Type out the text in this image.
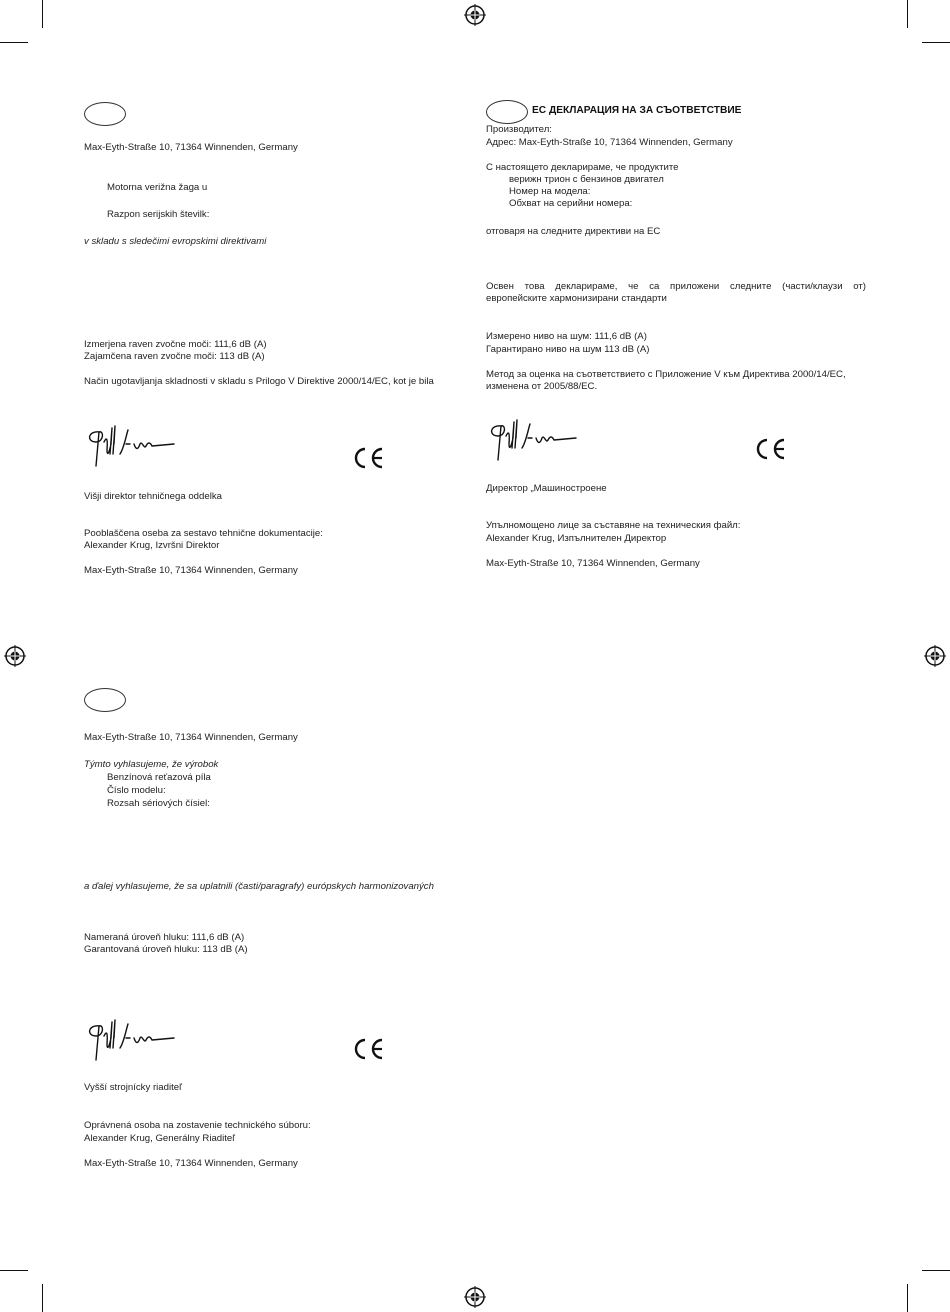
Max-Eyth-Straße 10, 71364 Winnenden, Germany
Motorna verižna žaga u
Razpon serijskih številk:
v skladu s sledečimi evropskimi direktivami
Izmerjena raven zvočne moči: 111,6 dB (A)
Zajamčena raven zvočne moči: 113 dB (A)
Način ugotavljanja skladnosti v skladu s Prilogo V Direktive 2000/14/EC, kot je bila
Višji direktor tehničnega oddelka
Pooblaščena oseba za sestavo tehnične dokumentacije:
Alexander Krug, Izvršni Direktor
Max-Eyth-Straße 10, 71364 Winnenden, Germany
ЕС ДЕКЛАРАЦИЯ НА ЗА СЪОТВЕТСТВИЕ
Производител:
Адрес: Max-Eyth-Straße 10, 71364 Winnenden, Germany
С настоящето декларираме, че продуктите
верижн трион с бензинов двигател
Номер на модела:
Обхват на серийни номера:
отговаря на следните директиви на ЕС
Освен това декларираме, че са приложени следните (части/клаузи от)
европейските хармонизирани стандарти
Измерено ниво на шум: 111,6 dB (A)
Гарантирано ниво на шум 113 dB (A)
Метод за оценка на съответствието с Приложение V към Директива 2000/14/EC,
изменена от 2005/88/EC.
Директор „Машиностроене
Упълномощено лице за съставяне на техническия файл:
Alexander Krug, Изпълнителен Директор
Max-Eyth-Straße 10, 71364 Winnenden, Germany
Max-Eyth-Straße 10, 71364 Winnenden, Germany
Týmto vyhlasujeme, že výrobok
Benzínová reťazová píla
Číslo modelu:
Rozsah sériových čísiel:
a ďalej vyhlasujeme, že sa uplatnili (časti/paragrafy) európskych harmonizovaných
Nameraná úroveň hluku: 111,6 dB (A)
Garantovaná úroveň hluku: 113 dB (A)
Vyšší strojnícky riaditeľ
Oprávnená osoba na zostavenie technického súboru:
Alexander Krug, Generálny Riaditeľ
Max-Eyth-Straße 10, 71364 Winnenden, Germany
